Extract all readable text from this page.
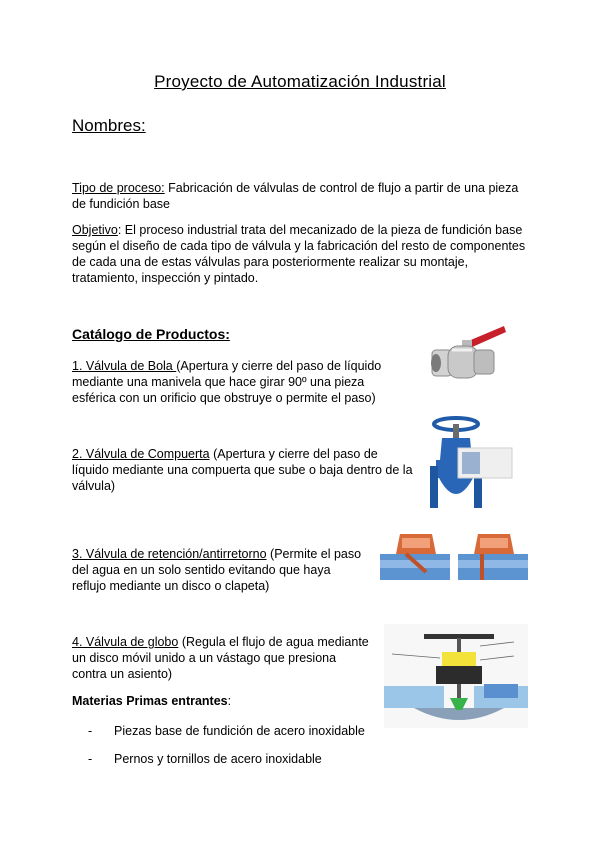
Proyecto de Automatización Industrial
Nombres:
Tipo de proceso: Fabricación de válvulas de control de flujo a partir de una pieza de fundición base
Objetivo: El proceso industrial trata del mecanizado de la pieza de fundición base según el diseño de cada tipo de válvula y la fabricación del resto de componentes de cada una de estas válvulas para posteriormente realizar su montaje, tratamiento, inspección y pintado.
Catálogo de Productos:
1. Válvula de Bola (Apertura y cierre del paso de líquido mediante una manivela que hace girar 90º una pieza esférica con un orificio que obstruye o permite el paso)
2. Válvula de Compuerta (Apertura y cierre del paso de líquido mediante una compuerta que sube o baja dentro de la válvula)
3. Válvula de retención/antirretorno (Permite el paso del agua en un solo sentido evitando que haya reflujo mediante un disco o clapeta)
4. Válvula de globo (Regula el flujo de agua mediante un disco móvil unido a un vástago que presiona contra un asiento)
Materias Primas entrantes:
- Piezas base de fundición de acero inoxidable
- Pernos y tornillos de acero inoxidable
